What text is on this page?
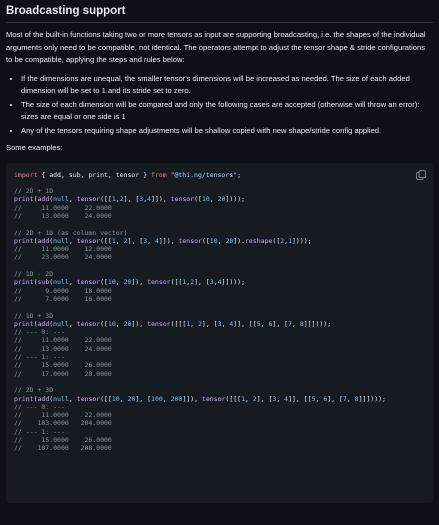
Broadcasting support

Most of the built-in functions taking two or more tensors as input are supporting broadcasting, i.e. the shapes of the individual arguments only need to be compatible, not identical. The operators attempt to adjust the tensor shape & stride configurations to be compatible, applying the steps and rules below:

• If the dimensions are unequal, the smaller tensor's dimensions will be increased as needed. The size of each added dimension will be set to 1 and its stride set to zero.
• The size of each dimension will be compared and only the following cases are accepted (otherwise will throw an error): sizes are equal or one side is 1
• Any of the tensors requiring shape adjustments will be shallow copied with new shape/stride config applied.

Some examples:

import { add, sub, print, tensor } from "@thi.ng/tensors";

// 2D + 1D
print(add(null, tensor([[1,2], [3,4]]), tensor([10, 20])));
//     11.0000    22.0000
//     13.0000    24.0000

// 2D + 1D (as column vector)
print(add(null, tensor([[1, 2], [3, 4]]), tensor([10, 20]).reshape([2,1])));
//     11.0000    12.0000
//     23.0000    24.0000

// 1D - 2D
print(sub(null, tensor([10, 20]), tensor([[1,2], [3,4]])));
//      9.0000    18.0000
//      7.0000    16.0000

// 1D + 3D
print(add(null, tensor([10, 20]), tensor([[[1, 2], [3, 4]], [[5, 6], [7, 8]]])));
// --- 0: ---
//     11.0000    22.0000
//     13.0000    24.0000
// --- 1: ---
//     15.0000    26.0000
//     17.0000    28.0000

// 2D + 3D
print(add(null, tensor([[10, 20], [100, 200]]), tensor([[[1, 2], [3, 4]], [[5, 6], [7, 8]]])));
// --- 0: ---
//     11.0000    22.0000
//    103.0000   204.0000
// --- 1: ---
//     15.0000    26.0000
//    107.0000   208.0000
